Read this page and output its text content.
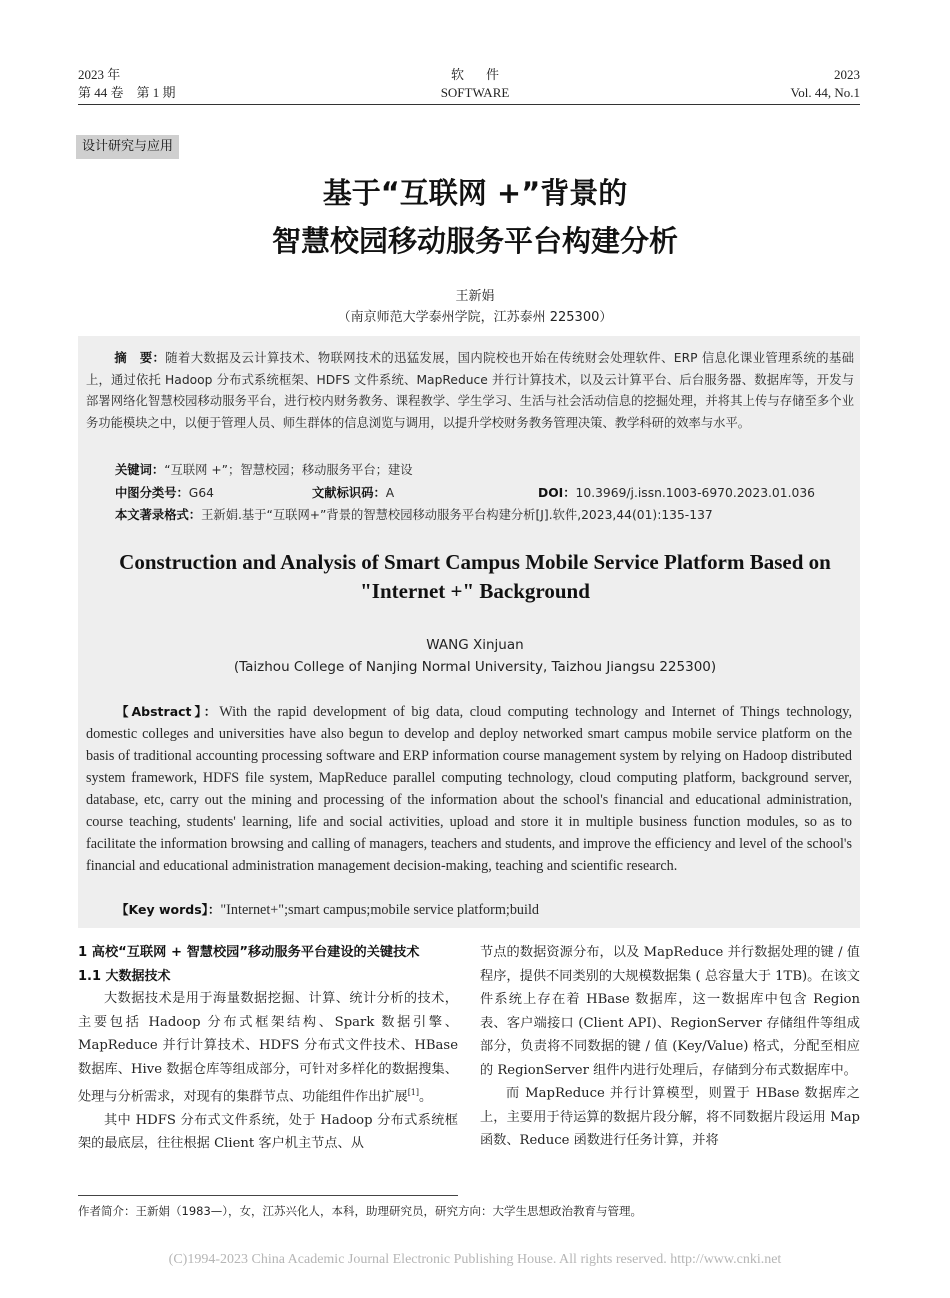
2023 年
第 44 卷　第 1 期
软件
SOFTWARE
2023
Vol. 44, No.1
设计研究与应用
基于“互联网 +”背景的
智慧校园移动服务平台构建分析
王新娟
（南京师范大学泰州学院，江苏泰州 225300）
摘　要：随着大数据及云计算技术、物联网技术的迅猛发展，国内院校也开始在传统财会处理软件、ERP 信息化课业管理系统的基础上，通过依托 Hadoop 分布式系统框架、HDFS 文件系统、MapReduce 并行计算技术，以及云计算平台、后台服务器、数据库等，开发与部署网络化智慧校园移动服务平台，进行校内财务教务、课程教学、学生学习、生活与社会活动信息的挖掘处理，并将其上传与存储至多个业务功能模块之中，以便于管理人员、师生群体的信息浏览与调用，以提升学校财务教务管理决策、教学科研的效率与水平。
关键词：“互联网 +”；智慧校园；移动服务平台；建设
中图分类号：G64	文献标识码：A	DOI：10.3969/j.issn.1003-6970.2023.01.036
本文著录格式：王新娟.基于“互联网+”背景的智慧校园移动服务平台构建分析[J].软件,2023,44(01):135-137
Construction and Analysis of Smart Campus Mobile Service Platform Based on
"Internet +" Background
WANG Xinjuan
(Taizhou College of Nanjing Normal University, Taizhou Jiangsu 225300)
【Abstract】：With the rapid development of big data, cloud computing technology and Internet of Things technology, domestic colleges and universities have also begun to develop and deploy networked smart campus mobile service platform on the basis of traditional accounting processing software and ERP information course management system by relying on Hadoop distributed system framework, HDFS file system, MapReduce parallel computing technology, cloud computing platform, background server, database, etc, carry out the mining and processing of the information about the school's financial and educational administration, course teaching, students' learning, life and social activities, upload and store it in multiple business function modules, so as to facilitate the information browsing and calling of managers, teachers and students, and improve the efficiency and level of the school's financial and educational administration management decision-making, teaching and scientific research.
【Key words】："Internet+";smart campus;mobile service platform;build
1 高校“互联网 + 智慧校园”移动服务平台建设的关键技术
1.1 大数据技术

大数据技术是用于海量数据挖掘、计算、统计分析的技术，主要包括 Hadoop 分布式框架结构、Spark 数据引擎、MapReduce 并行计算技术、HDFS 分布式文件技术、HBase 数据库、Hive 数据仓库等组成部分，可针对多样化的数据搜集、处理与分析需求，对现有的集群节点、功能组件作出扩展[1]。

其中 HDFS 分布式文件系统，处于 Hadoop 分布式系统框架的最底层，往往根据 Client 客户机主节点、从

节点的数据资源分布，以及 MapReduce 并行数据处理的键 / 值程序，提供不同类别的大规模数据集 ( 总容量大于 1TB)。在该文件系统上存在着 HBase 数据库，这一数据库中包含 Region 表、客户端接口 (Client API)、RegionServer 存储组件等组成部分，负责将不同数据的键 / 值 (Key/Value) 格式，分配至相应的 RegionServer 组件内进行处理后，存储到分布式数据库中。

而 MapReduce 并行计算模型，则置于 HBase 数据库之上，主要用于待运算的数据片段分解，将不同数据片段运用 Map 函数、Reduce 函数进行任务计算，并将

作者简介：王新娟（1983—），女，江苏兴化人，本科，助理研究员，研究方向：大学生思想政治教育与管理。
(C)1994-2023 China Academic Journal Electronic Publishing House. All rights reserved. http://www.cnki.net
